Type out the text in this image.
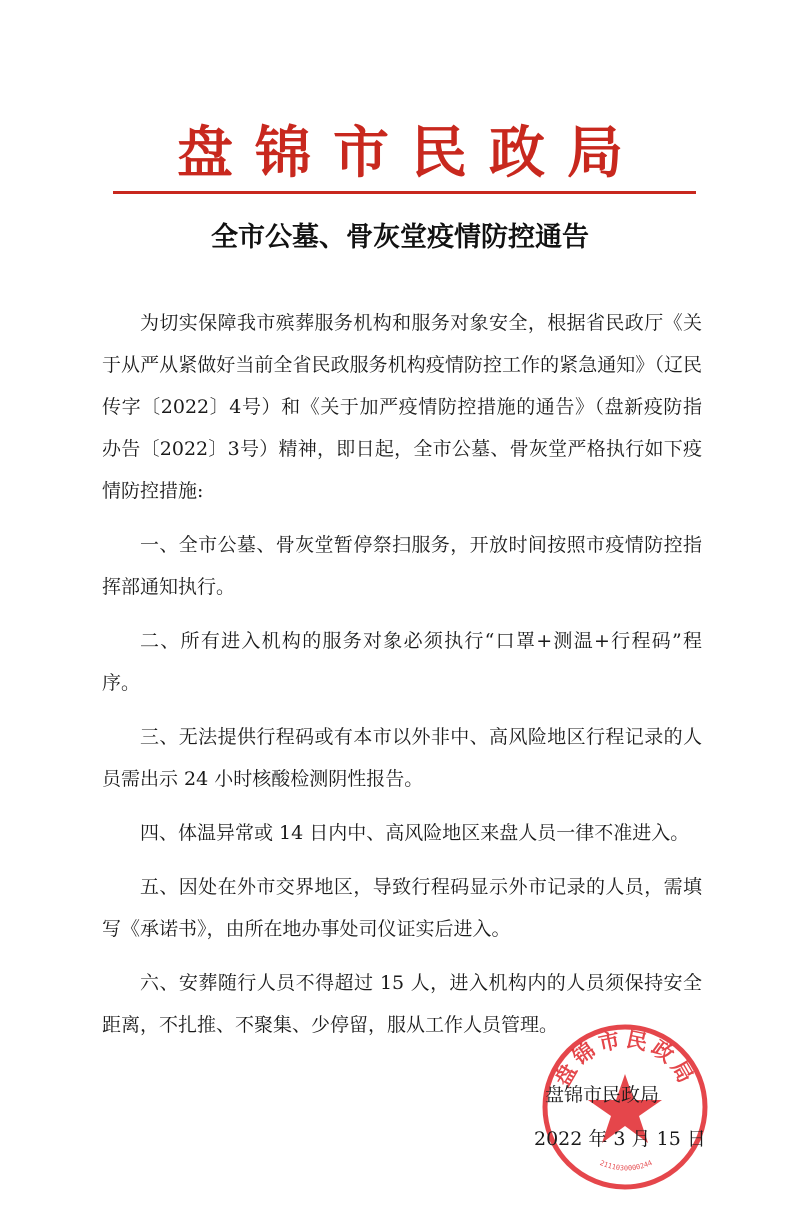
盘锦市民政局
全市公墓、骨灰堂疫情防控通告

为切实保障我市殡葬服务机构和服务对象安全，根据省民政厅《关于从严从紧做好当前全省民政服务机构疫情防控工作的紧急通知》（辽民传字〔2022〕4号）和《关于加严疫情防控措施的通告》（盘新疫防指办告〔2022〕3号）精神，即日起，全市公墓、骨灰堂严格执行如下疫情防控措施:

一、全市公墓、骨灰堂暂停祭扫服务，开放时间按照市疫情防控指挥部通知执行。

二、所有进入机构的服务对象必须执行“口罩+测温+行程码”程序。

三、无法提供行程码或有本市以外非中、高风险地区行程记录的人员需出示 24 小时核酸检测阴性报告。

四、体温异常或 14 日内中、高风险地区来盘人员一律不准进入。

五、因处在外市交界地区，导致行程码显示外市记录的人员，需填写《承诺书》，由所在地办事处司仪证实后进入。

六、安葬随行人员不得超过 15 人，进入机构内的人员须保持安全距离，不扎推、不聚集、少停留，服从工作人员管理。

盘锦市民政局
2111030000244
盘锦市民政局
2022 年 3 月 15 日
